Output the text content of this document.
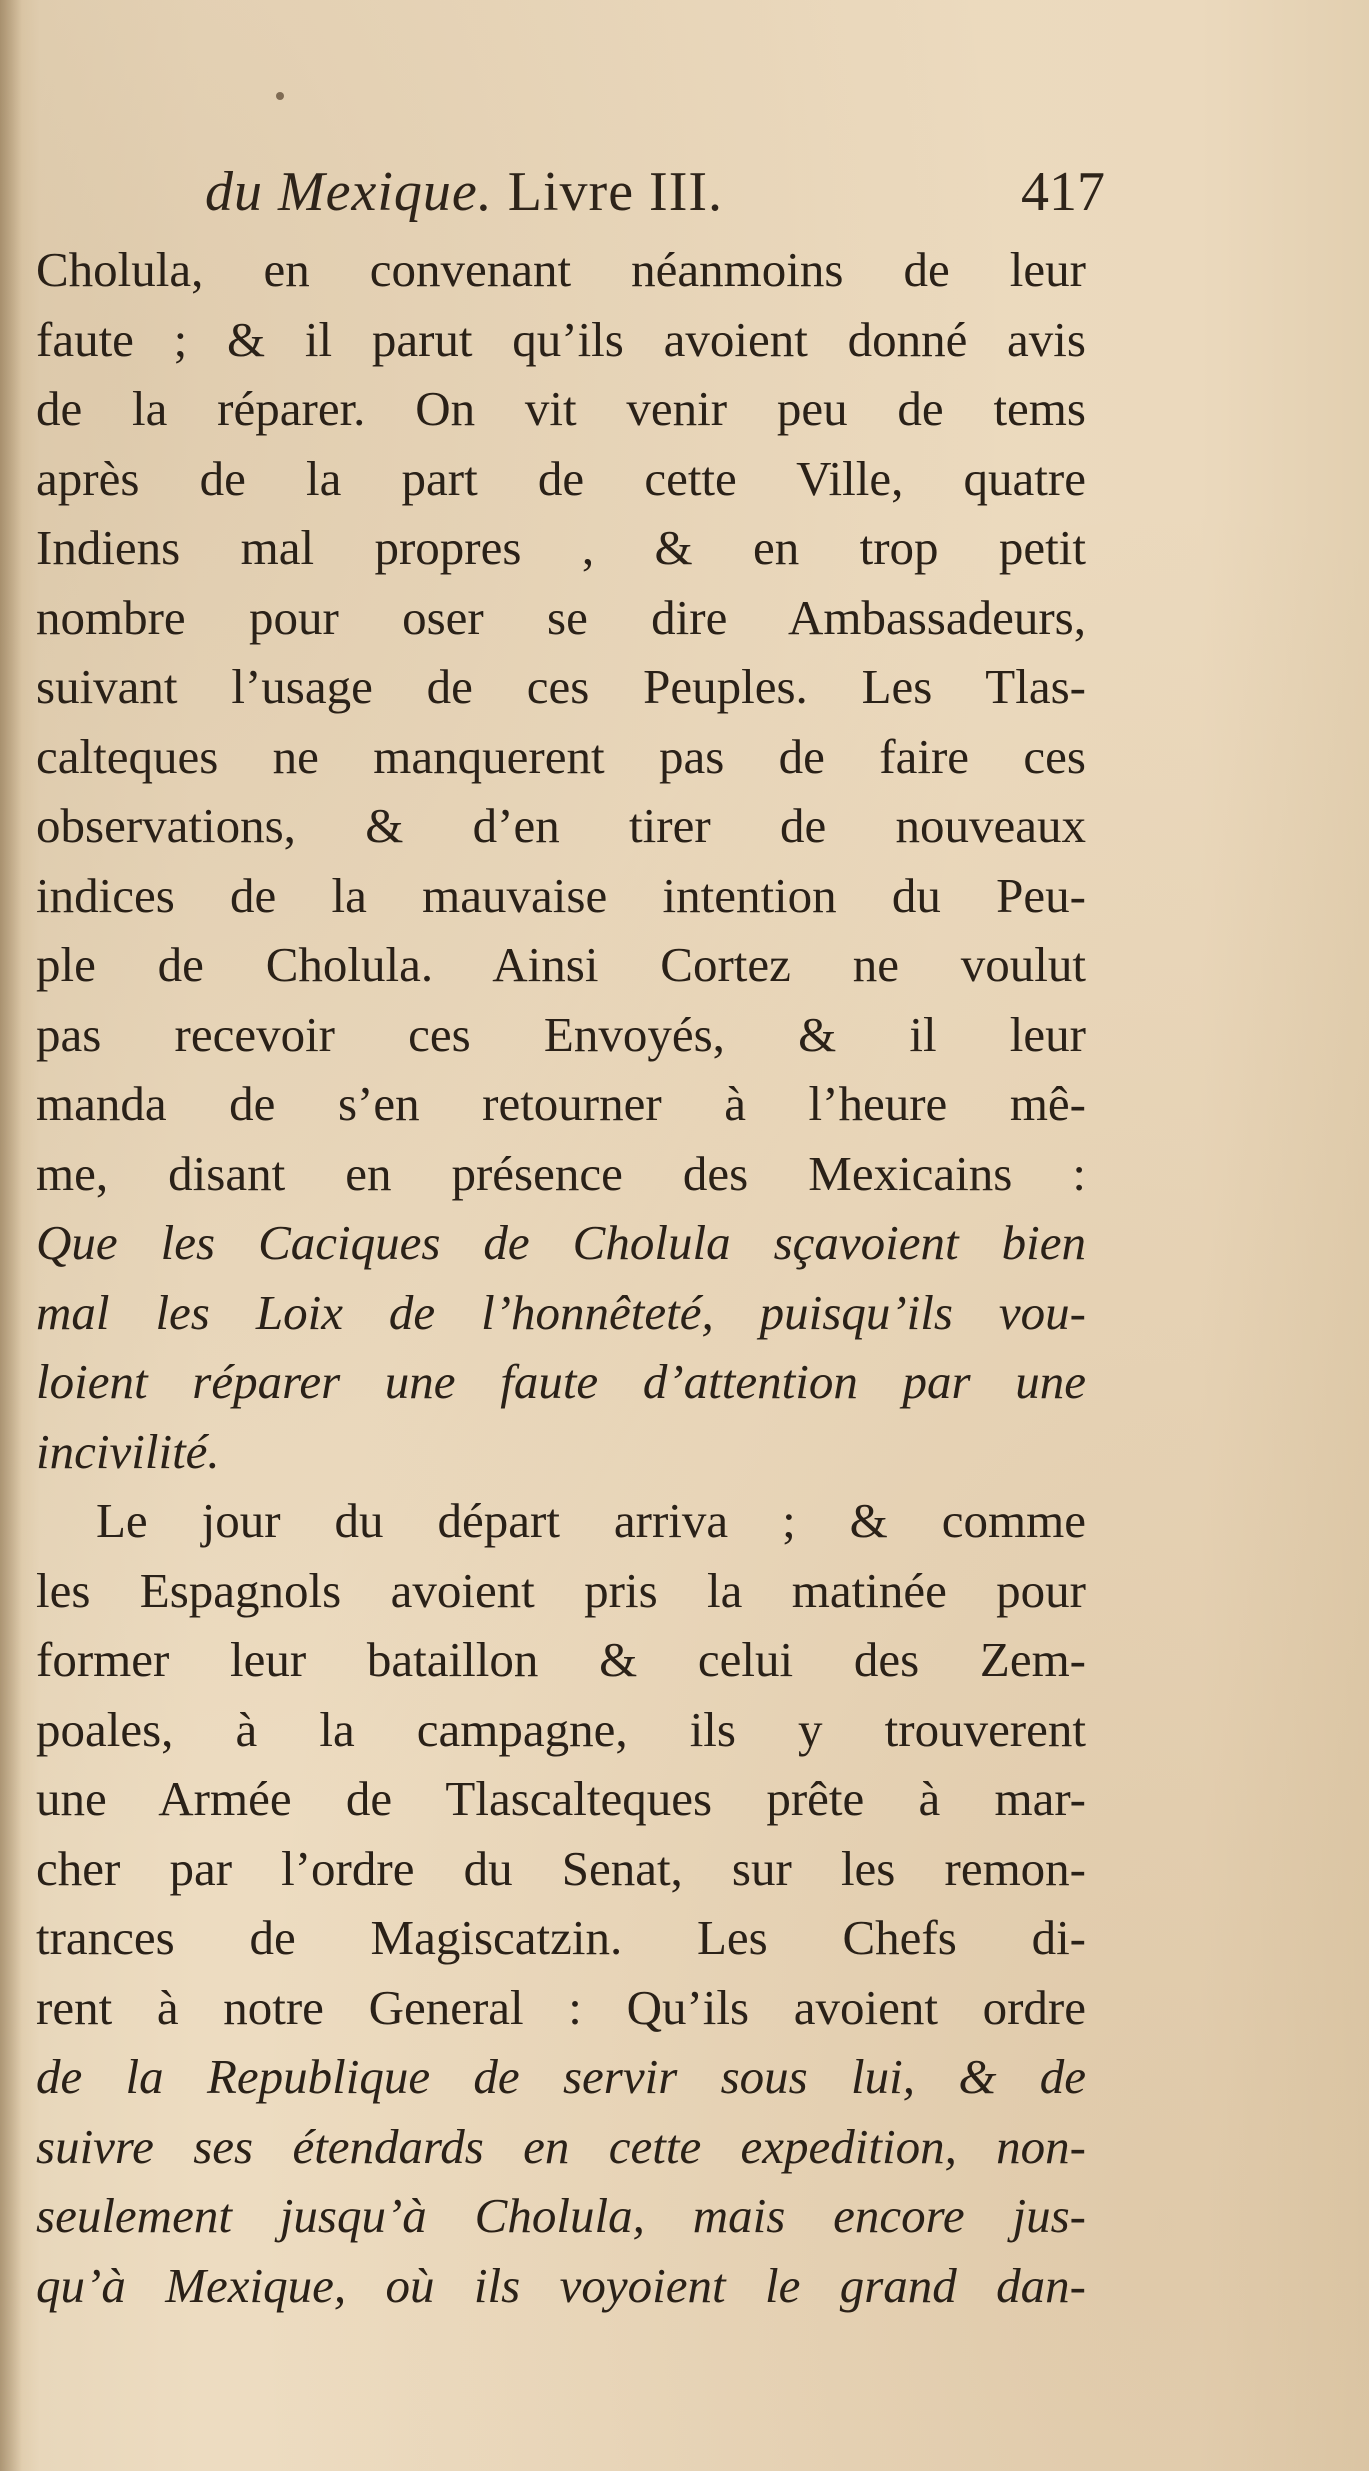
du Mexique. Livre III.	417
Cholula, en convenant néanmoins de leur
faute ; & il parut qu’ils avoient donné avis
de la réparer. On vit venir peu de tems
après de la part de cette Ville, quatre
Indiens mal propres , & en trop petit
nombre pour oser se dire Ambassadeurs,
suivant l’usage de ces Peuples. Les Tlas-
calteques ne manquerent pas de faire ces
observations, & d’en tirer de nouveaux
indices de la mauvaise intention du Peu-
ple de Cholula. Ainsi Cortez ne voulut
pas recevoir ces Envoyés, & il leur
manda de s’en retourner à l’heure mê-
me, disant en présence des Mexicains :
Que les Caciques de Cholula sçavoient bien
mal les Loix de l’honnêteté, puisqu’ils vou-
loient réparer une faute d’attention par une
incivilité.
Le jour du départ arriva ; & comme
les Espagnols avoient pris la matinée pour
former leur bataillon & celui des Zem-
poales, à la campagne, ils y trouverent
une Armée de Tlascalteques prête à mar-
cher par l’ordre du Senat, sur les remon-
trances de Magiscatzin. Les Chefs di-
rent à notre General : Qu’ils avoient ordre
de la Republique de servir sous lui, & de
suivre ses étendards en cette expedition, non-
seulement jusqu’à Cholula, mais encore jus-
qu’à Mexique, où ils voyoient le grand dan-
